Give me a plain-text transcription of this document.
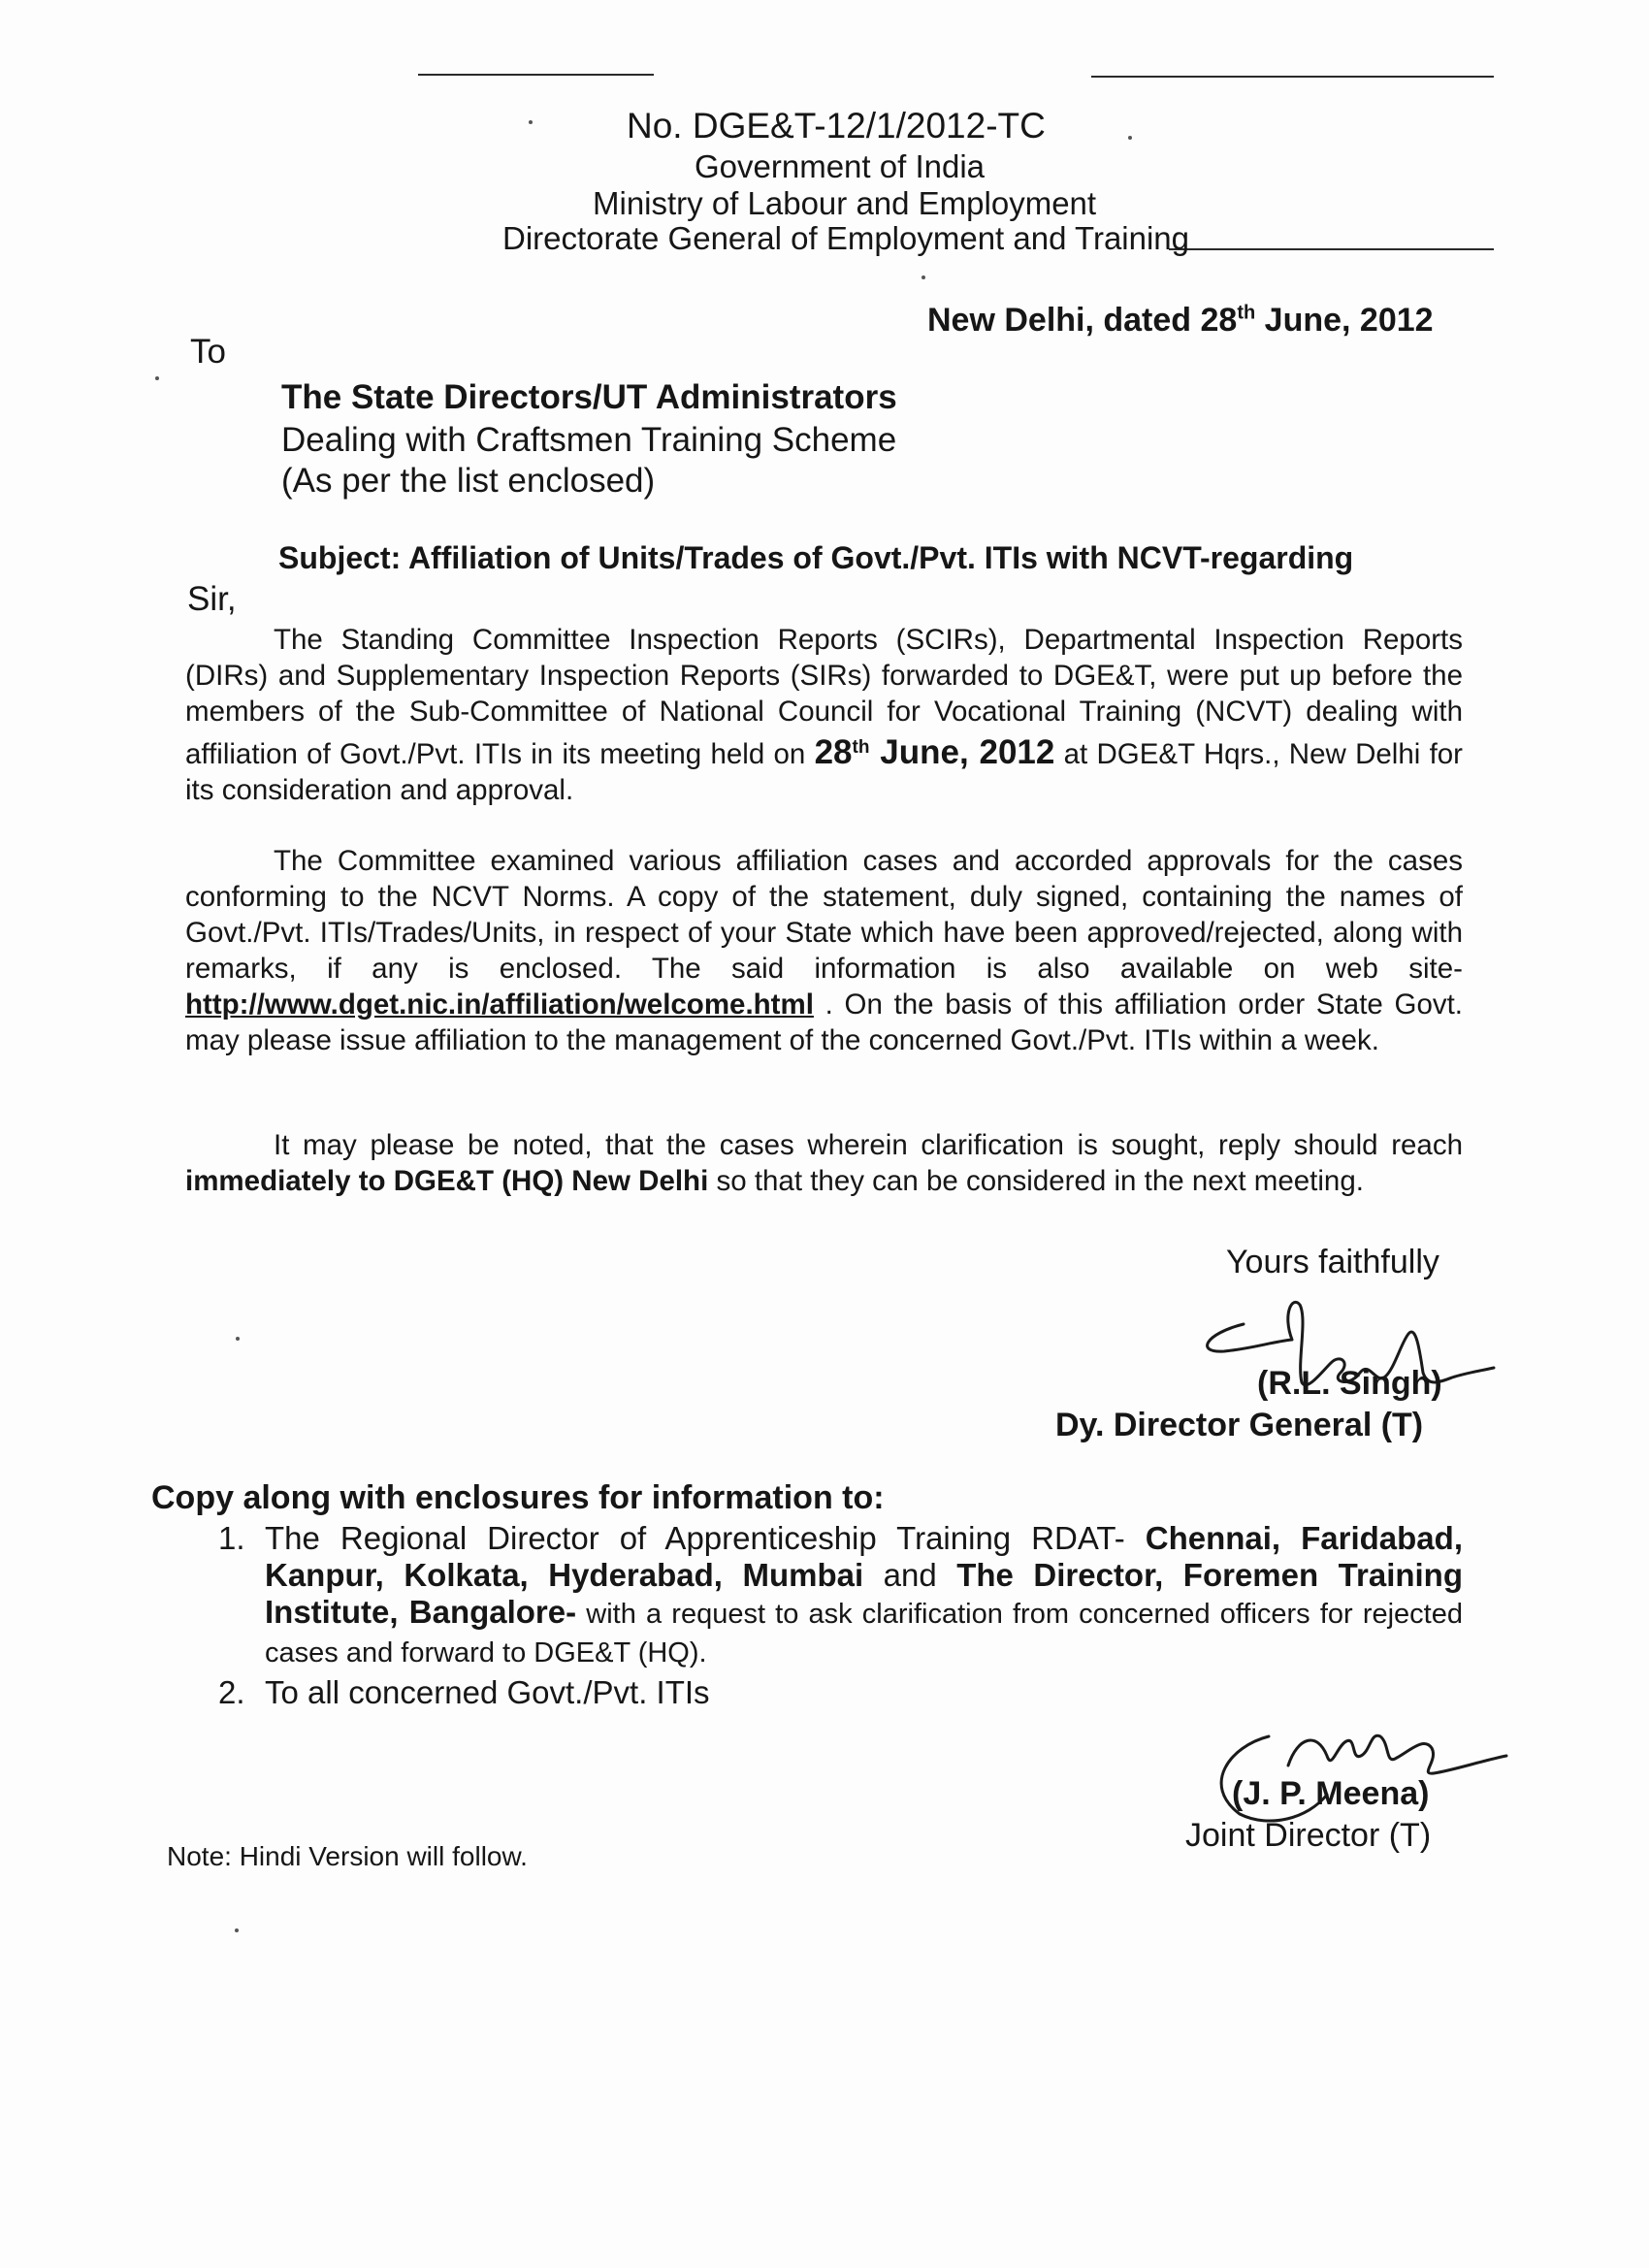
No. DGE&T-12/1/2012-TC
Government of India
Ministry of Labour and Employment
Directorate General of Employment and Training
New Delhi, dated 28th June, 2012
To
The State Directors/UT Administrators
Dealing with Craftsmen Training Scheme
(As per the list enclosed)
Subject: Affiliation of Units/Trades of Govt./Pvt. ITIs with NCVT-regarding
Sir,
The Standing Committee Inspection Reports (SCIRs), Departmental Inspection Reports (DIRs) and Supplementary Inspection Reports (SIRs) forwarded to DGE&T, were put up before the members of the Sub-Committee of National Council for Vocational Training (NCVT) dealing with affiliation of Govt./Pvt. ITIs in its meeting held on 28th June, 2012 at DGE&T Hqrs., New Delhi for its consideration and approval.
The Committee examined various affiliation cases and accorded approvals for the cases conforming to the NCVT Norms. A copy of the statement, duly signed, containing the names of Govt./Pvt. ITIs/Trades/Units, in respect of your State which have been approved/rejected, along with remarks, if any is enclosed. The said information is also available on web site- http://www.dget.nic.in/affiliation/welcome.html . On the basis of this affiliation order State Govt. may please issue affiliation to the management of the concerned Govt./Pvt. ITIs within a week.
It may please be noted, that the cases wherein clarification is sought, reply should reach immediately to DGE&T (HQ) New Delhi so that they can be considered in the next meeting.
Yours faithfully
(R.L. Singh)
Dy. Director General (T)
Copy along with enclosures for information to:
1. The Regional Director of Apprenticeship Training RDAT- Chennai, Faridabad, Kanpur, Kolkata, Hyderabad, Mumbai and The Director, Foremen Training Institute, Bangalore- with a request to ask clarification from concerned officers for rejected cases and forward to DGE&T (HQ).
2. To all concerned Govt./Pvt. ITIs
(J. P. Meena)
Joint Director (T)
Note: Hindi Version will follow.
